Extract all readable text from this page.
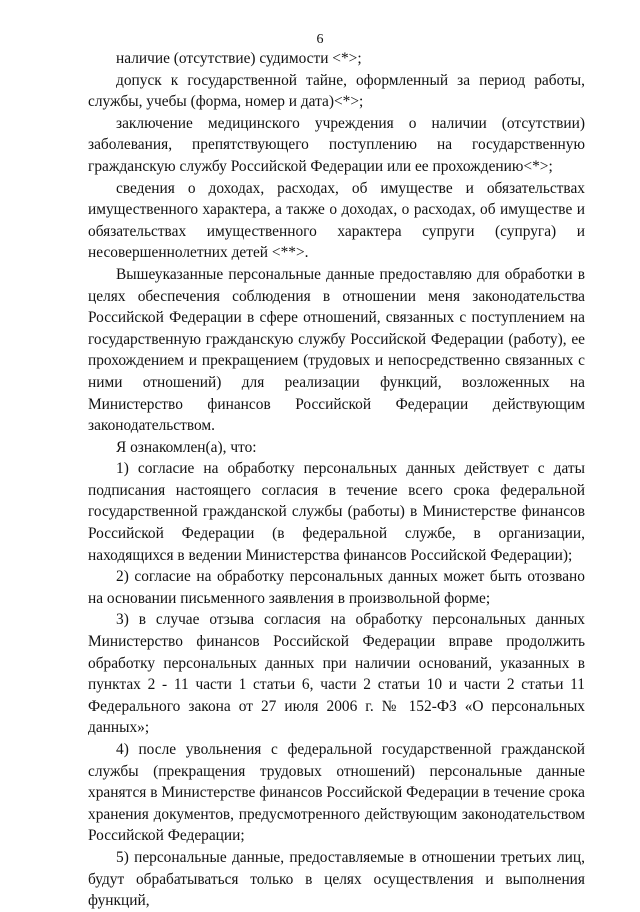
6

наличие (отсутствие) судимости <*>;

допуск к государственной тайне, оформленный за период работы, службы, учебы (форма, номер и дата)<*>;

заключение медицинского учреждения о наличии (отсутствии) заболевания, препятствующего поступлению на государственную гражданскую службу Российской Федерации или ее прохождению<*>;

сведения о доходах, расходах, об имуществе и обязательствах имущественного характера, а также о доходах, о расходах, об имуществе и обязательствах имущественного характера супруги (супруга) и несовершеннолетних детей <**>.

Вышеуказанные персональные данные предоставляю для обработки в целях обеспечения соблюдения в отношении меня законодательства Российской Федерации в сфере отношений, связанных с поступлением на государственную гражданскую службу Российской Федерации (работу), ее прохождением и прекращением (трудовых и непосредственно связанных с ними отношений) для реализации функций, возложенных на Министерство финансов Российской Федерации действующим законодательством.

Я ознакомлен(а), что:

1) согласие на обработку персональных данных действует с даты подписания настоящего согласия в течение всего срока федеральной государственной гражданской службы (работы) в Министерстве финансов Российской Федерации (в федеральной службе, в организации, находящихся в ведении Министерства финансов Российской Федерации);

2) согласие на обработку персональных данных может быть отозвано на основании письменного заявления в произвольной форме;

3) в случае отзыва согласия на обработку персональных данных Министерство финансов Российской Федерации вправе продолжить обработку персональных данных при наличии оснований, указанных в пунктах 2 - 11 части 1 статьи 6, части 2 статьи 10 и части 2 статьи 11 Федерального закона от 27 июля 2006 г. № 152-ФЗ «О персональных данных»;

4) после увольнения с федеральной государственной гражданской службы (прекращения трудовых отношений) персональные данные хранятся в Министерстве финансов Российской Федерации в течение срока хранения документов, предусмотренного действующим законодательством Российской Федерации;

5) персональные данные, предоставляемые в отношении третьих лиц, будут обрабатываться только в целях осуществления и выполнения функций,
